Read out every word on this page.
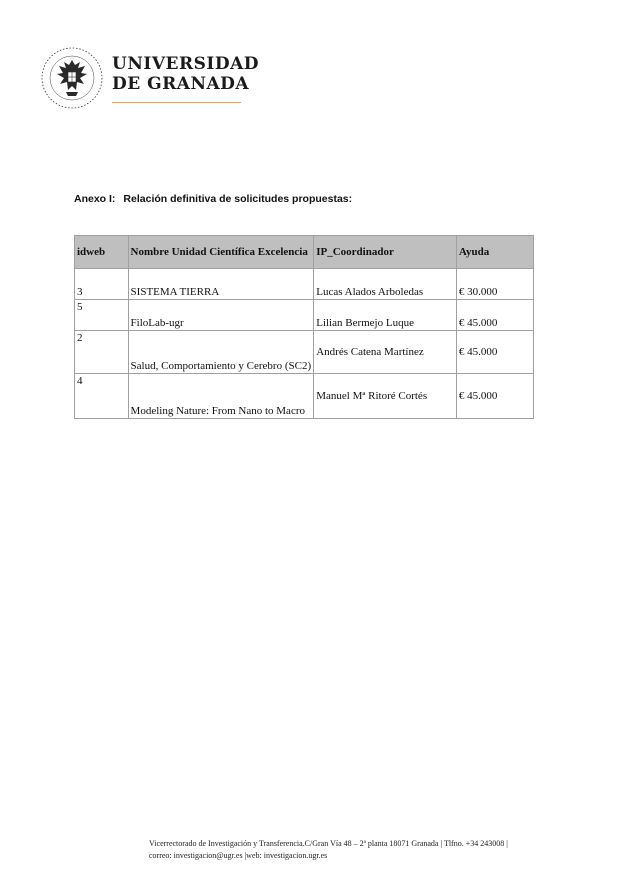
UNIVERSIDAD
DE GRANADA
Anexo I: Relación definitiva de solicitudes propuestas:
idweb	Nombre Unidad Científica Excelencia	IP_Coordinador	Ayuda
3	SISTEMA TIERRA	Lucas Alados Arboledas	€ 30.000
5	FiloLab-ugr	Lilian Bermejo Luque	€ 45.000
2	Salud, Comportamiento y Cerebro (SC2)	Andrés Catena Martínez	€ 45.000
4	Modeling Nature: From Nano to Macro	Manuel Mª Ritoré Cortés	€ 45.000
Vicerrectorado de Investigación y Transferencia.C/Gran Vía 48 – 2ª planta 18071 Granada | Tlfno. +34 243008 |
correo: investigacion@ugr.es |web: investigacion.ugr.es
